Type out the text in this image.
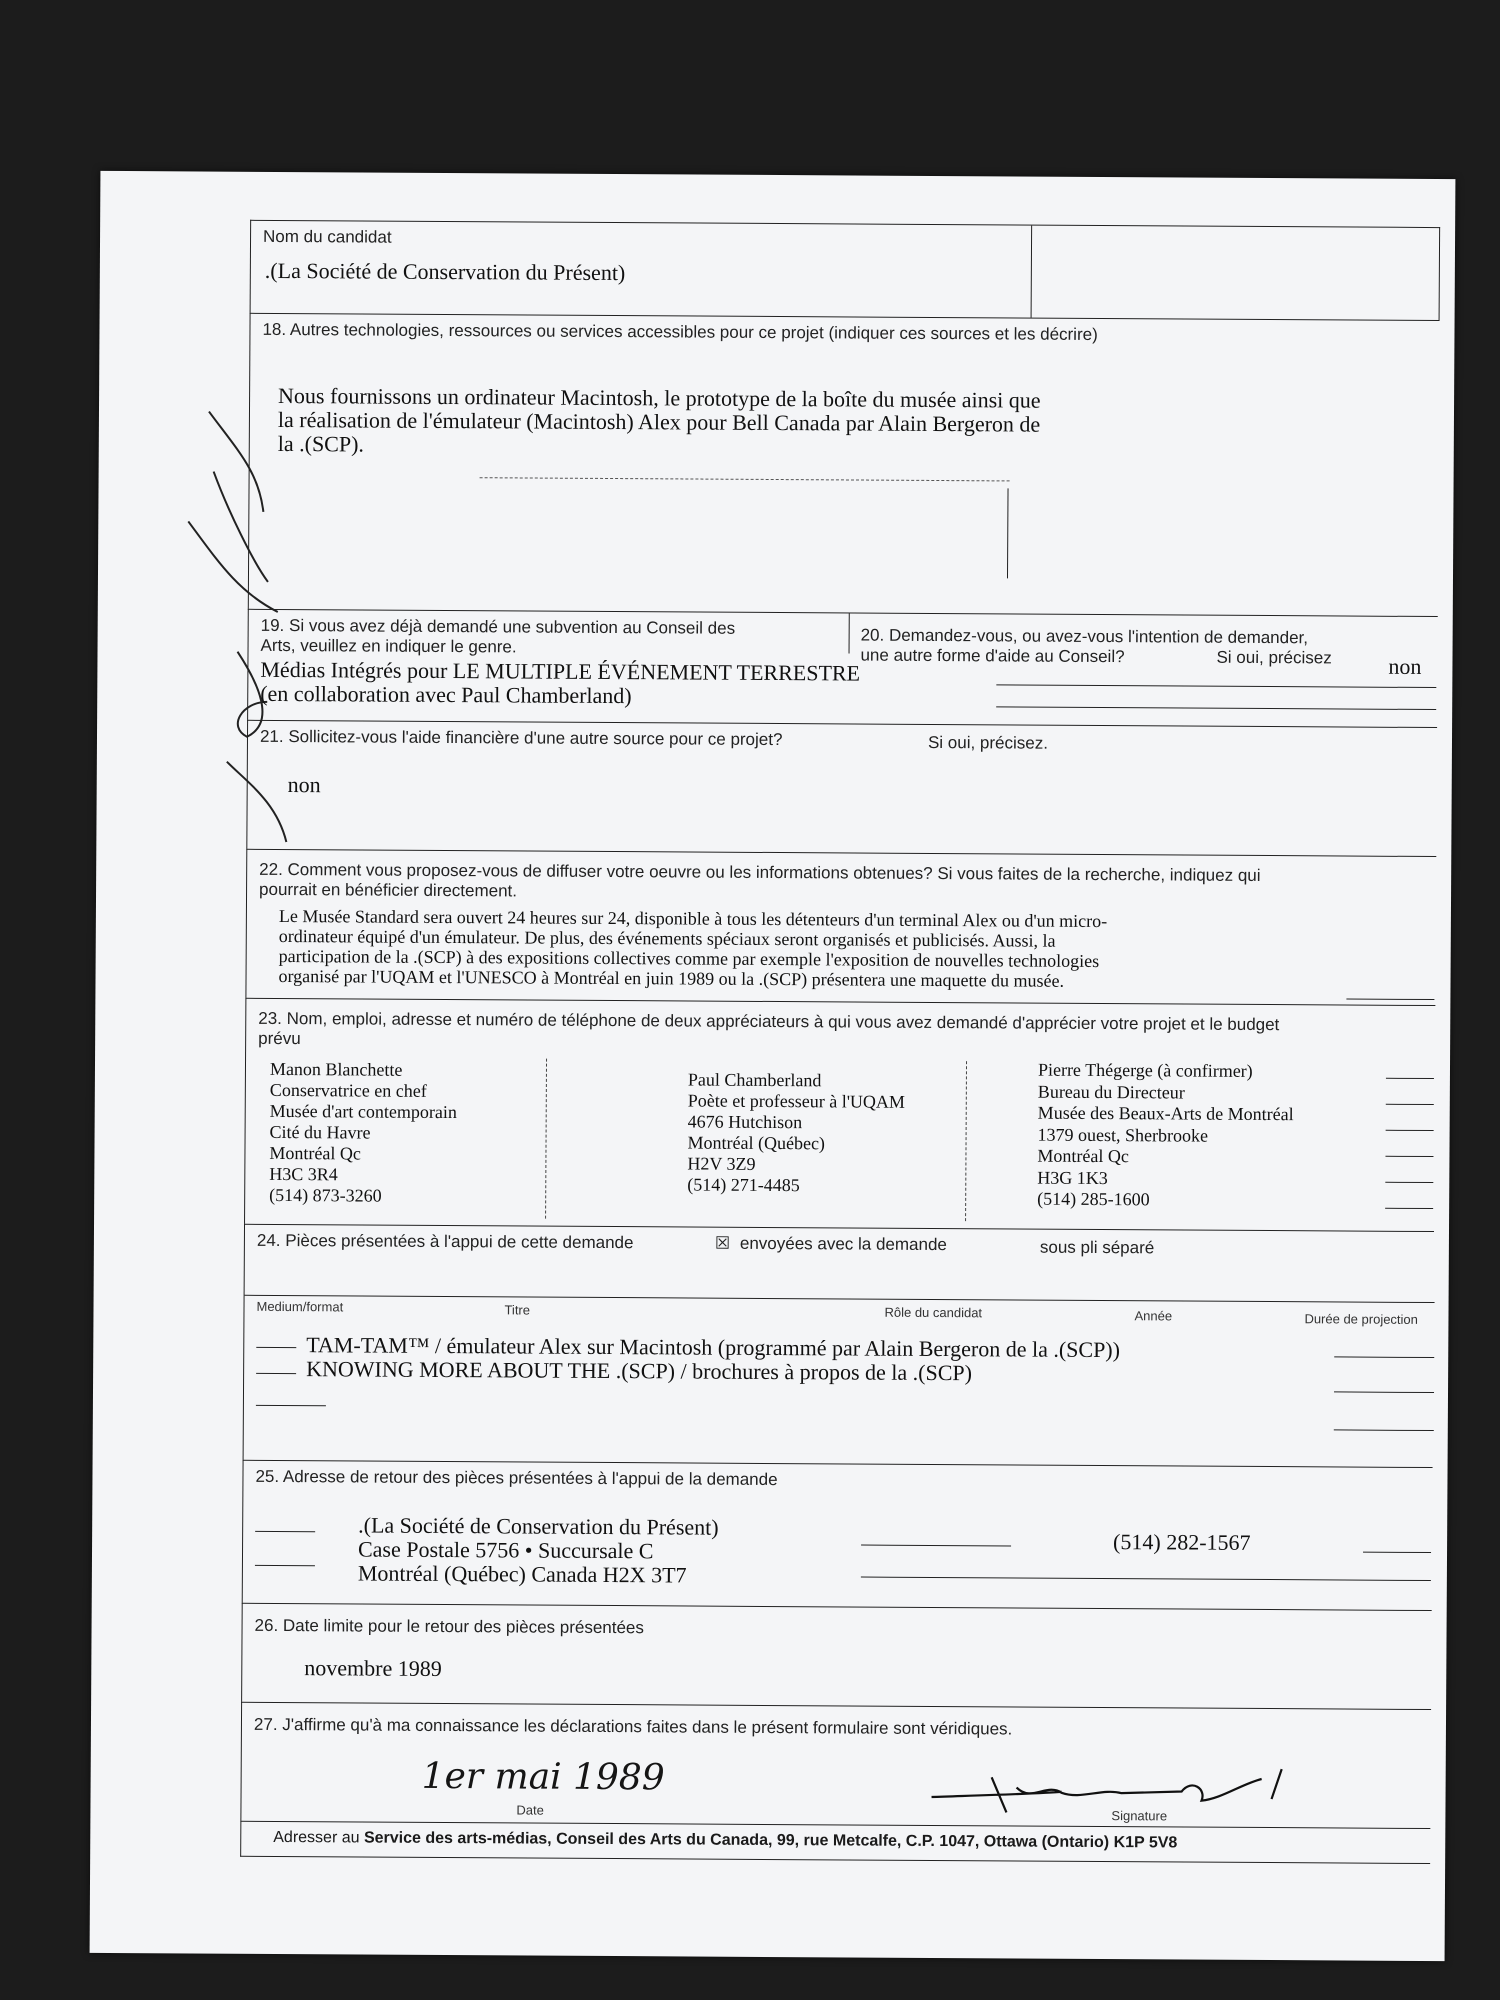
Nom du candidat
.(La Société de Conservation du Présent)
18. Autres technologies, ressources ou services accessibles pour ce projet (indiquer ces sources et les décrire)
Nous fournissons un ordinateur Macintosh, le prototype de la boîte du musée ainsi que
la réalisation de l'émulateur (Macintosh) Alex pour Bell Canada par Alain Bergeron de
la .(SCP).
19. Si vous avez déjà demandé une subvention au Conseil des
Arts, veuillez en indiquer le genre.
Médias Intégrés pour LE MULTIPLE ÉVÉNEMENT TERRESTRE
(en collaboration avec Paul Chamberland)
20. Demandez-vous, ou avez-vous l'intention de demander,
une autre forme d'aide au Conseil?	Si oui, précisez	non
21. Sollicitez-vous l'aide financière d'une autre source pour ce projet?	Si oui, précisez.
non
22. Comment vous proposez-vous de diffuser votre oeuvre ou les informations obtenues? Si vous faites de la recherche, indiquez qui
pourrait en bénéficier directement.
Le Musée Standard sera ouvert 24 heures sur 24, disponible à tous les détenteurs d'un terminal Alex ou d'un micro-
ordinateur équipé d'un émulateur. De plus, des événements spéciaux seront organisés et publicisés. Aussi, la
participation de la .(SCP) à des expositions collectives comme par exemple l'exposition de nouvelles technologies
organisé par l'UQAM et l'UNESCO à Montréal en juin 1989 ou la .(SCP) présentera une maquette du musée.
23. Nom, emploi, adresse et numéro de téléphone de deux appréciateurs à qui vous avez demandé d'apprécier votre projet et le budget
prévu
Manon Blanchette
Conservatrice en chef
Musée d'art contemporain
Cité du Havre
Montréal Qc
H3C 3R4
(514) 873-3260
Paul Chamberland
Poète et professeur à l'UQAM
4676 Hutchison
Montréal (Québec)
H2V 3Z9
(514) 271-4485
Pierre Thégerge (à confirmer)
Bureau du Directeur
Musée des Beaux-Arts de Montréal
1379 ouest, Sherbrooke
Montréal Qc
H3G 1K3
(514) 285-1600
24. Pièces présentées à l'appui de cette demande	☒ envoyées avec la demande	sous pli séparé
Medium/format	Titre	Rôle du candidat	Année	Durée de projection
TAM-TAM™ / émulateur Alex sur Macintosh (programmé par Alain Bergeron de la .(SCP))
KNOWING MORE ABOUT THE .(SCP) / brochures à propos de la .(SCP)
25. Adresse de retour des pièces présentées à l'appui de la demande
.(La Société de Conservation du Présent)
Case Postale 5756 • Succursale C
Montréal (Québec) Canada H2X 3T7
(514) 282-1567
26. Date limite pour le retour des pièces présentées
novembre 1989
27. J'affirme qu'à ma connaissance les déclarations faites dans le présent formulaire sont véridiques.
1er mai 1989
Date	Signature
Adresser au Service des arts-médias, Conseil des Arts du Canada, 99, rue Metcalfe, C.P. 1047, Ottawa (Ontario) K1P 5V8
